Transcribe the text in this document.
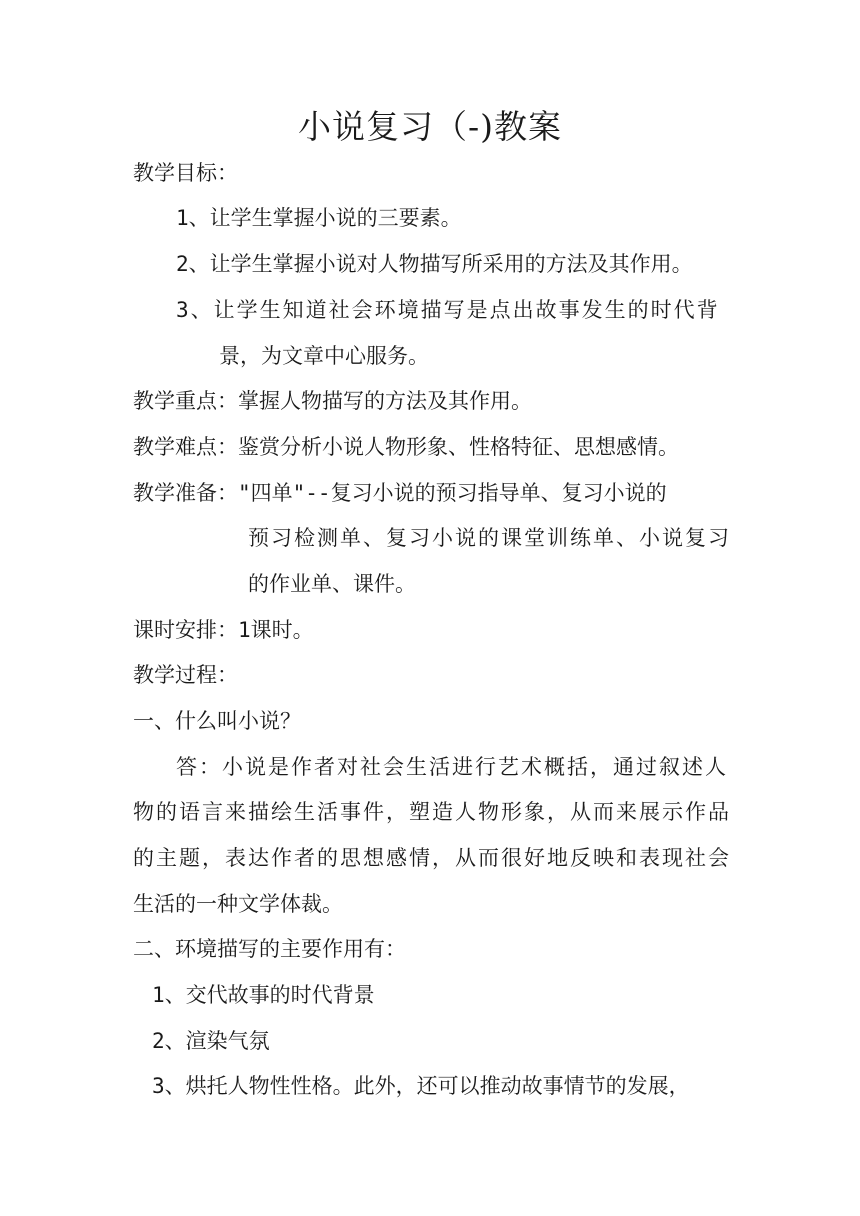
小说复习（-)教案
教学目标：
1、让学生掌握小说的三要素。
2、让学生掌握小说对人物描写所采用的方法及其作用。
3、让学生知道社会环境描写是点出故事发生的时代背
景，为文章中心服务。
教学重点：掌握人物描写的方法及其作用。
教学难点：鉴赏分析小说人物形象、性格特征、思想感情。
教学准备："四单"--复习小说的预习指导单、复习小说的
预习检测单、复习小说的课堂训练单、小说复习
的作业单、课件。
课时安排：1课时。
教学过程：
一、什么叫小说？
答：小说是作者对社会生活进行艺术概括，通过叙述人
物的语言来描绘生活事件，塑造人物形象，从而来展示作品
的主题，表达作者的思想感情，从而很好地反映和表现社会
生活的一种文学体裁。
二、环境描写的主要作用有：
1、交代故事的时代背景
2、渲染气氛
3、烘托人物性性格。此外，还可以推动故事情节的发展，
